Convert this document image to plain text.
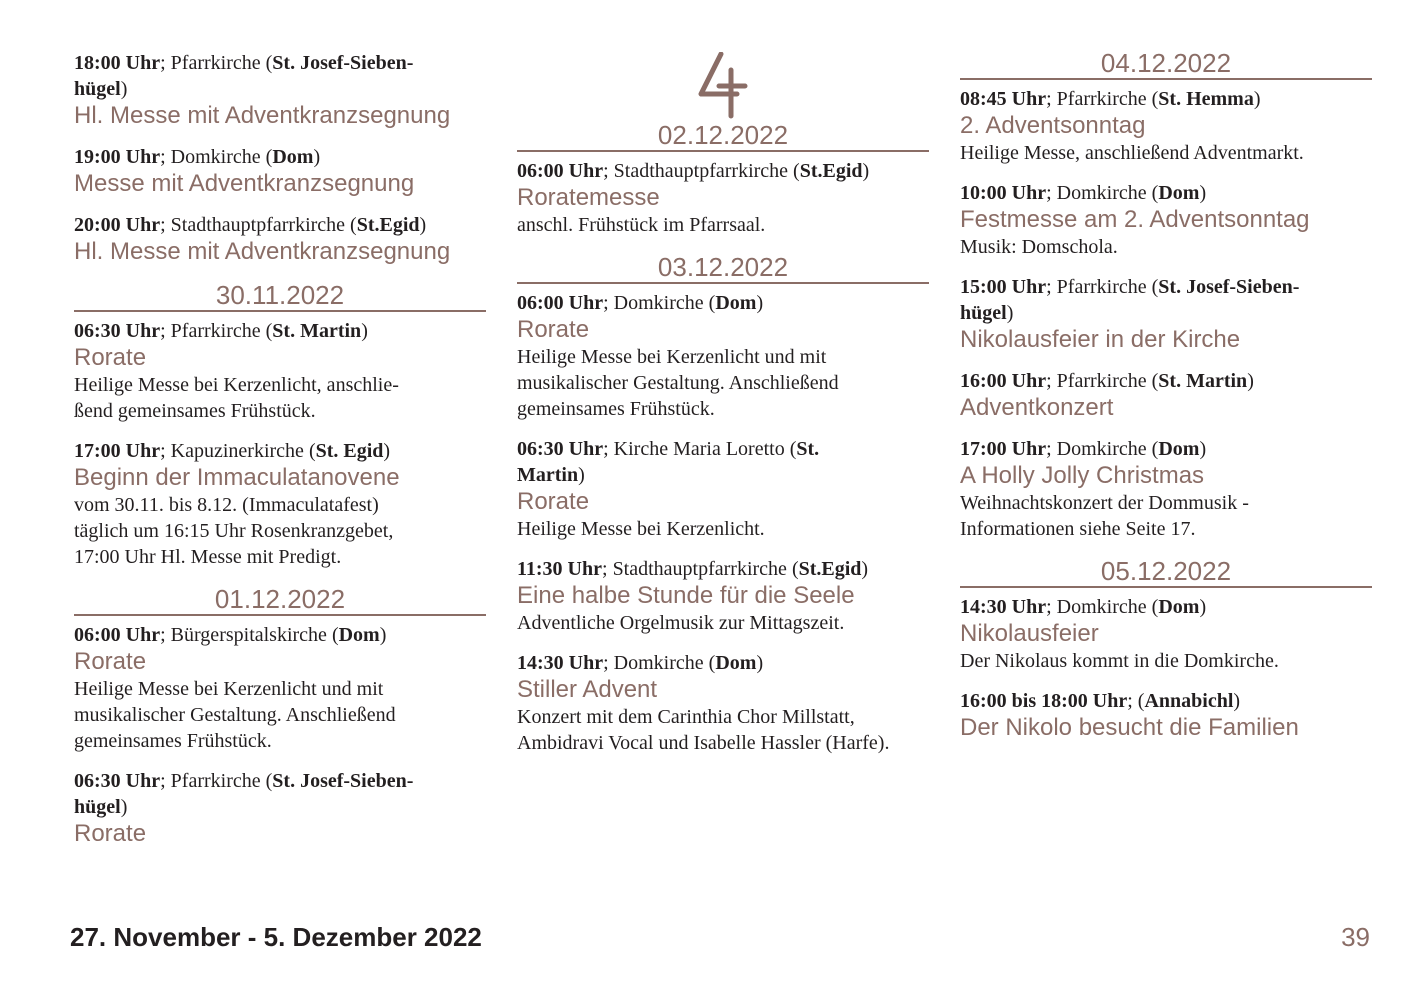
18:00 Uhr; Pfarrkirche (St. Josef-Sieben-
hügel)
Hl. Messe mit Adventkranzsegnung
19:00 Uhr; Domkirche (Dom)
Messe mit Adventkranzsegnung
20:00 Uhr; Stadthauptpfarrkirche (St.Egid)
Hl. Messe mit Adventkranzsegnung
30.11.2022
06:30 Uhr; Pfarrkirche (St. Martin)
Rorate
Heilige Messe bei Kerzenlicht, anschlie-
ßend gemeinsames Frühstück.
17:00 Uhr; Kapuzinerkirche (St. Egid)
Beginn der Immaculatanovene
vom 30.11. bis 8.12. (Immaculatafest)
täglich um 16:15 Uhr Rosenkranzgebet,
17:00 Uhr Hl. Messe mit Predigt.
01.12.2022
06:00 Uhr; Bürgerspitalskirche (Dom)
Rorate
Heilige Messe bei Kerzenlicht und mit
musikalischer Gestaltung. Anschließend
gemeinsames Frühstück.
06:30 Uhr; Pfarrkirche (St. Josef-Sieben-
hügel)
Rorate
02.12.2022
06:00 Uhr; Stadthauptpfarrkirche (St.Egid)
Roratemesse
anschl. Frühstück im Pfarrsaal.
03.12.2022
06:00 Uhr; Domkirche (Dom)
Rorate
Heilige Messe bei Kerzenlicht und mit
musikalischer Gestaltung. Anschließend
gemeinsames Frühstück.
06:30 Uhr; Kirche Maria Loretto (St.
Martin)
Rorate
Heilige Messe bei Kerzenlicht.
11:30 Uhr; Stadthauptpfarrkirche (St.Egid)
Eine halbe Stunde für die Seele
Adventliche Orgelmusik zur Mittagszeit.
14:30 Uhr; Domkirche (Dom)
Stiller Advent
Konzert mit dem Carinthia Chor Millstatt,
Ambidravi Vocal und Isabelle Hassler (Harfe).
04.12.2022
08:45 Uhr; Pfarrkirche (St. Hemma)
2. Adventsonntag
Heilige Messe, anschließend Adventmarkt.
10:00 Uhr; Domkirche (Dom)
Festmesse am 2. Adventsonntag
Musik: Domschola.
15:00 Uhr; Pfarrkirche (St. Josef-Sieben-
hügel)
Nikolausfeier in der Kirche
16:00 Uhr; Pfarrkirche (St. Martin)
Adventkonzert
17:00 Uhr; Domkirche (Dom)
A Holly Jolly Christmas
Weihnachtskonzert der Dommusik -
Informationen siehe Seite 17.
05.12.2022
14:30 Uhr; Domkirche (Dom)
Nikolausfeier
Der Nikolaus kommt in die Domkirche.
16:00 bis 18:00 Uhr; (Annabichl)
Der Nikolo besucht die Familien
27. November - 5. Dezember 2022	39
